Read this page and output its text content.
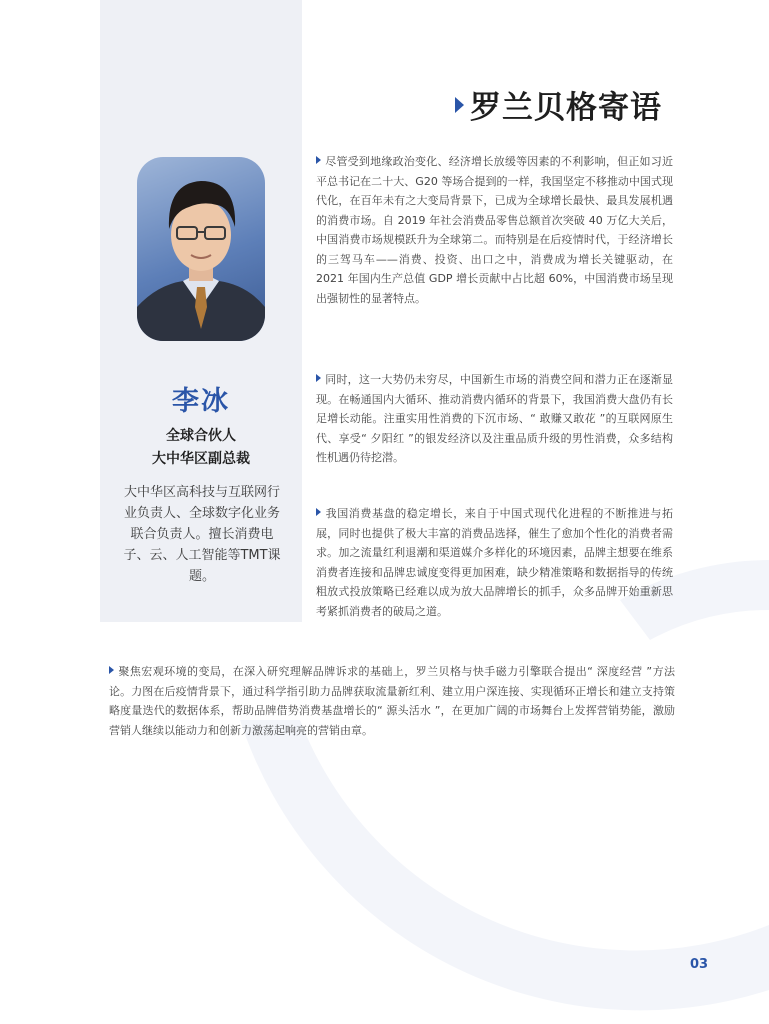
罗兰贝格寄语
李冰
全球合伙人
大中华区副总裁
大中华区高科技与互联网行业负责人、全球数字化业务联合负责人。擅长消费电子、云、人工智能等TMT课题。
尽管受到地缘政治变化、经济增长放缓等因素的不利影响，但正如习近平总书记在二十大、G20 等场合提到的一样，我国坚定不移推动中国式现代化，在百年未有之大变局背景下，已成为全球增长最快、最具发展机遇的消费市场。自 2019 年社会消费品零售总额首次突破 40 万亿大关后，中国消费市场规模跃升为全球第二。而特别是在后疫情时代，于经济增长的三驾马车——消费、投资、出口之中，消费成为增长关键驱动，在 2021 年国内生产总值 GDP 增长贡献中占比超 60%，中国消费市场呈现出强韧性的显著特点。
同时，这一大势仍未穷尽，中国新生市场的消费空间和潜力正在逐渐显现。在畅通国内大循环、推动消费内循环的背景下，我国消费大盘仍有长足增长动能。注重实用性消费的下沉市场、“ 敢赚又敢花 ”的互联网原生代、享受“ 夕阳红 ”的银发经济以及注重品质升级的男性消费，众多结构性机遇仍待挖潜。
我国消费基盘的稳定增长，来自于中国式现代化进程的不断推进与拓展，同时也提供了极大丰富的消费品选择，催生了愈加个性化的消费者需求。加之流量红利退潮和渠道媒介多样化的环境因素，品牌主想要在维系消费者连接和品牌忠诚度变得更加困难，缺少精准策略和数据指导的传统粗放式投放策略已经难以成为放大品牌增长的抓手，众多品牌开始重新思考紧抓消费者的破局之道。
聚焦宏观环境的变局，在深入研究理解品牌诉求的基础上，罗兰贝格与快手磁力引擎联合提出“ 深度经营 ”方法论。力图在后疫情背景下，通过科学指引助力品牌获取流量新红利、建立用户深连接、实现循环正增长和建立支持策略度量迭代的数据体系，帮助品牌借势消费基盘增长的“ 源头活水 ”，在更加广阔的市场舞台上发挥营销势能，激励营销人继续以能动力和创新力激荡起响亮的营销由章。
03
